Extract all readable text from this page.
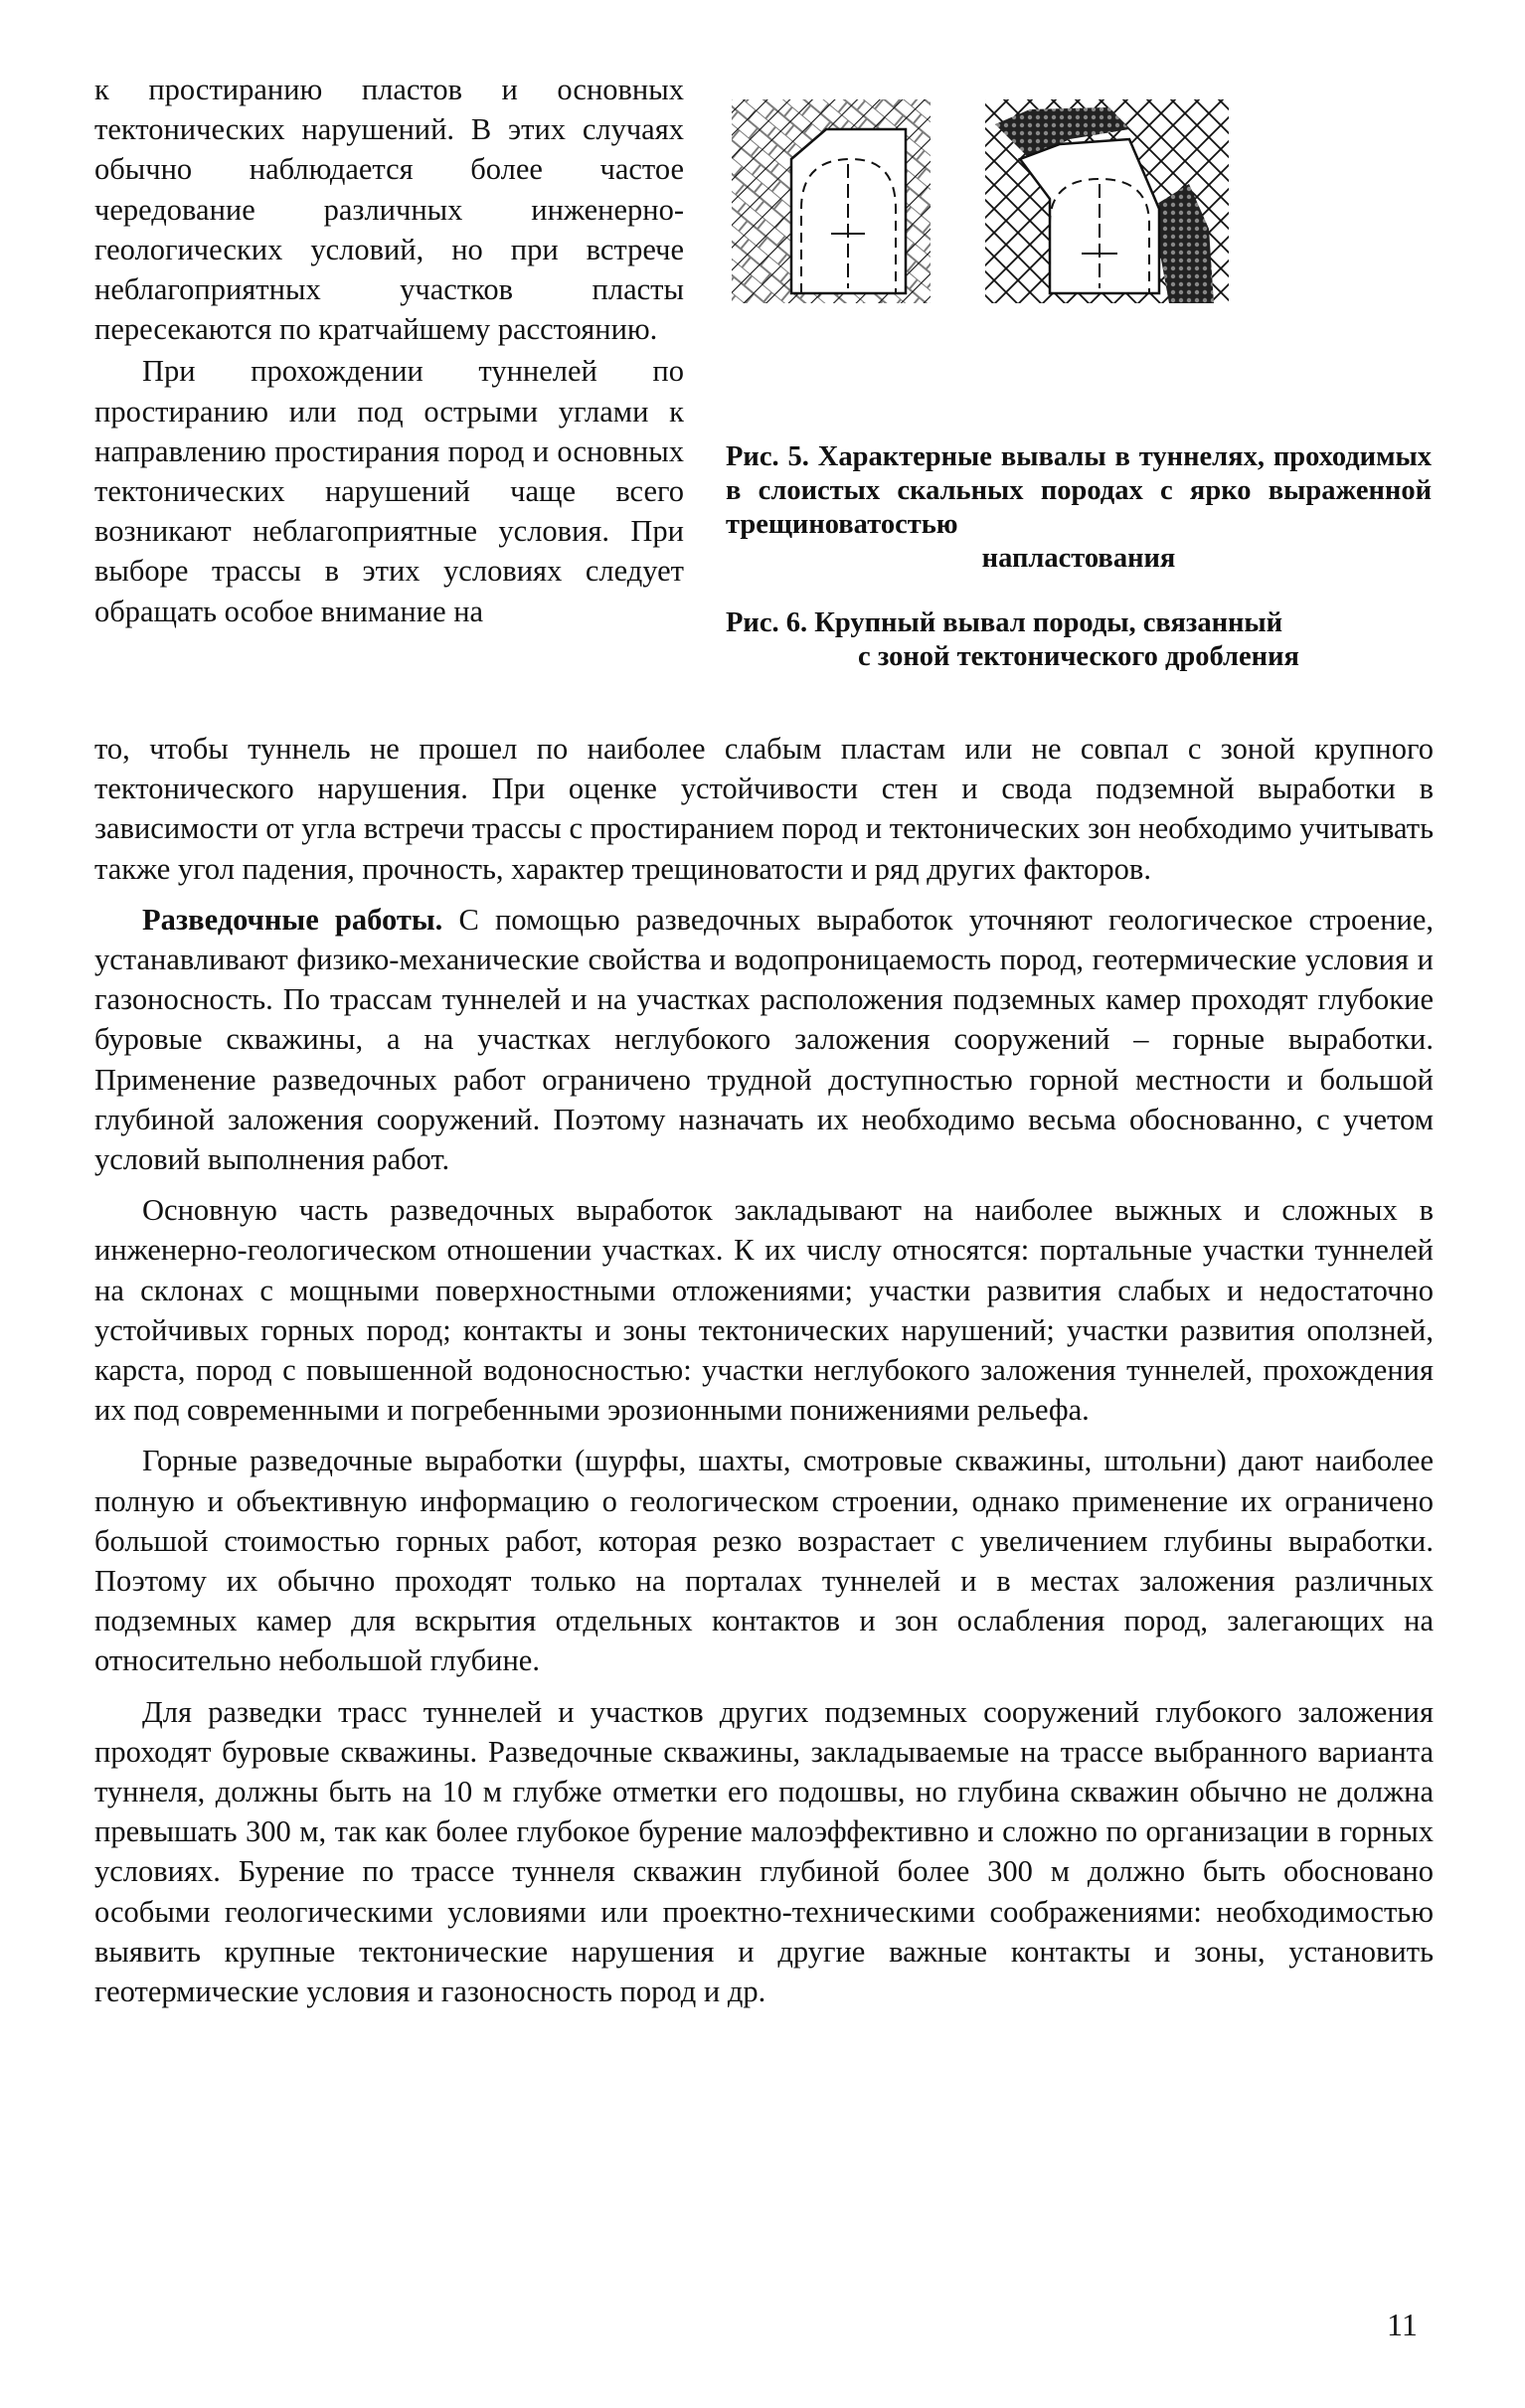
к простиранию пластов и основных тектонических нарушений. В этих случаях обычно наблюдается более частое чередование различных инженерно-геологических условий, но при встрече неблагоприятных участков пласты пересекаются по кратчайшему расстоянию.

При прохождении туннелей по простиранию или под острыми углами к направлению простирания пород и основных тектонических нарушений чаще всего возникают неблагоприятные условия. При выборе трассы в этих условиях следует обращать особое внимание на

Рис. 5. Характерные вывалы в туннелях, проходимых в слоистых скальных породах с ярко выраженной трещиноватостью
напластования
Рис. 6. Крупный вывал породы, связанный
с зоной тектонического дробления

то, чтобы туннель не прошел по наиболее слабым пластам или не совпал с зоной крупного тектонического нарушения. При оценке устойчивости стен и свода подземной выработки в зависимости от угла встречи трассы с простиранием пород и тектонических зон необходимо учитывать также угол падения, прочность, характер трещиноватости и ряд других факторов.

Разведочные работы. С помощью разведочных выработок уточняют геологическое строение, устанавливают физико-механические свойства и водопроницаемость пород, геотермические условия и газоносность. По трассам туннелей и на участках расположения подземных камер проходят глубокие буровые скважины, а на участках неглубокого заложения сооружений – горные выработки. Применение разведочных работ ограничено трудной доступностью горной местности и большой глубиной заложения сооружений. Поэтому назначать их необходимо весьма обоснованно, с учетом условий выполнения работ.

Основную часть разведочных выработок закладывают на наиболее выжных и сложных в инженерно-геологическом отношении участках. К их числу относятся: портальные участки туннелей на склонах с мощными поверхностными отложениями; участки развития слабых и недостаточно устойчивых горных пород; контакты и зоны тектонических нарушений; участки развития оползней, карста, пород с повышенной водоносностью: участки неглубокого заложения туннелей, прохождения их под современными и погребенными эрозионными понижениями рельефа.

Горные разведочные выработки (шурфы, шахты, смотровые скважины, штольни) дают наиболее полную и объективную информацию о геологическом строении, однако применение их ограничено большой стоимостью горных работ, которая резко возрастает с увеличением глубины выработки. Поэтому их обычно проходят только на порталах туннелей и в местах заложения различных подземных камер для вскрытия отдельных контактов и зон ослабления пород, залегающих на относительно небольшой глубине.

Для разведки трасс туннелей и участков других подземных сооружений глубокого заложения проходят буровые скважины. Разведочные скважины, закладываемые на трассе выбранного варианта туннеля, должны быть на 10 м глубже отметки его подошвы, но глубина скважин обычно не должна превышать 300 м, так как более глубокое бурение малоэффективно и сложно по организации в горных условиях. Бурение по трассе туннеля скважин глубиной более 300 м должно быть обосновано особыми геологическими условиями или проектно-техническими соображениями: необходимостью выявить крупные тектонические нарушения и другие важные контакты и зоны, установить геотермические условия и газоносность пород и др.

11
